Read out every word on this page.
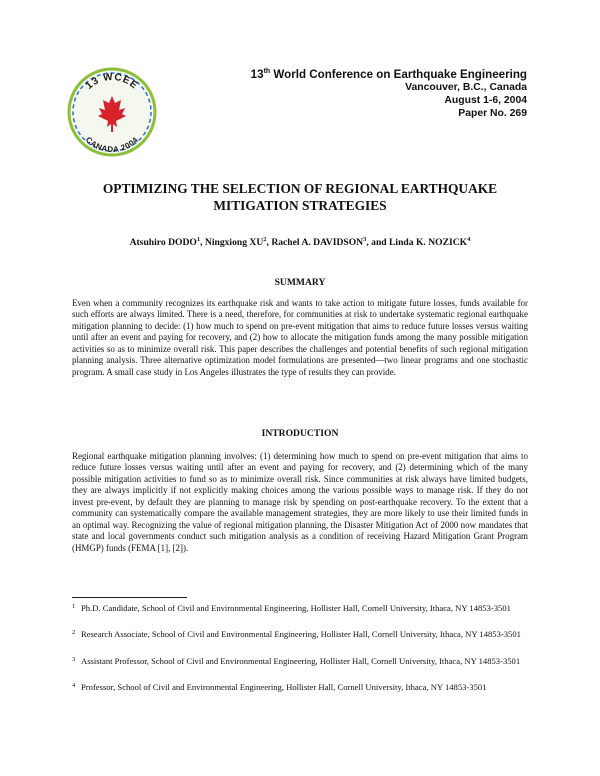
13 WCEE
CANADA 2004
13th World Conference on Earthquake Engineering
Vancouver, B.C., Canada
August 1-6, 2004
Paper No. 269
OPTIMIZING THE SELECTION OF REGIONAL EARTHQUAKE
MITIGATION STRATEGIES
Atsuhiro DODO$^1$, Ningxiong $XU^2$, Rachel A. DAVIDSON$^3$, and Linda K. NOZICK$^4$
SUMMARY
Even when a community recognizes its earthquake risk and wants to take action to mitigate future losses, funds available for such efforts are always limited. There is a need, therefore, for communities at risk to undertake systematic regional earthquake mitigation planning to decide: (1) how much to spend on pre-event mitigation that aims to reduce future losses versus waiting until after an event and paying for recovery, and (2) how to allocate the mitigation funds among the many possible mitigation activities so as to minimize overall risk. This paper describes the challenges and potential benefits of such regional mitigation planning analysis. Three alternative optimization model formulations are presented—two linear programs and one stochastic program. A small case study in Los Angeles illustrates the type of results they can provide.
INTRODUCTION
Regional earthquake mitigation planning involves: (1) determining how much to spend on pre-event mitigation that aims to reduce future losses versus waiting until after an event and paying for recovery, and (2) determining which of the many possible mitigation activities to fund so as to minimize overall risk. Since communities at risk always have limited budgets, they are always implicitly if not explicitly making choices among the various possible ways to manage risk. If they do not invest pre-event, by default they are planning to manage risk by spending on post-earthquake recovery. To the extent that a community can systematically compare the available management strategies, they are more likely to use their limited funds in an optimal way. Recognizing the value of regional mitigation planning, the Disaster Mitigation Act of 2000 now mandates that state and local governments conduct such mitigation analysis as a condition of receiving Hazard Mitigation Grant Program (HMGP) funds (FEMA [1], [2]).
1 Ph.D. Candidate, School of Civil and Environmental Engineering, Hollister Hall, Cornell University, Ithaca, NY 14853-3501
2 Research Associate, School of Civil and Environmental Engineering, Hollister Hall, Cornell University, Ithaca, NY 14853-3501
3 Assistant Professor, School of Civil and Environmental Engineering, Hollister Hall, Cornell University, Ithaca, NY 14853-3501
4 Professor, School of Civil and Environmental Engineering, Hollister Hall, Cornell University, Ithaca, NY 14853-3501
